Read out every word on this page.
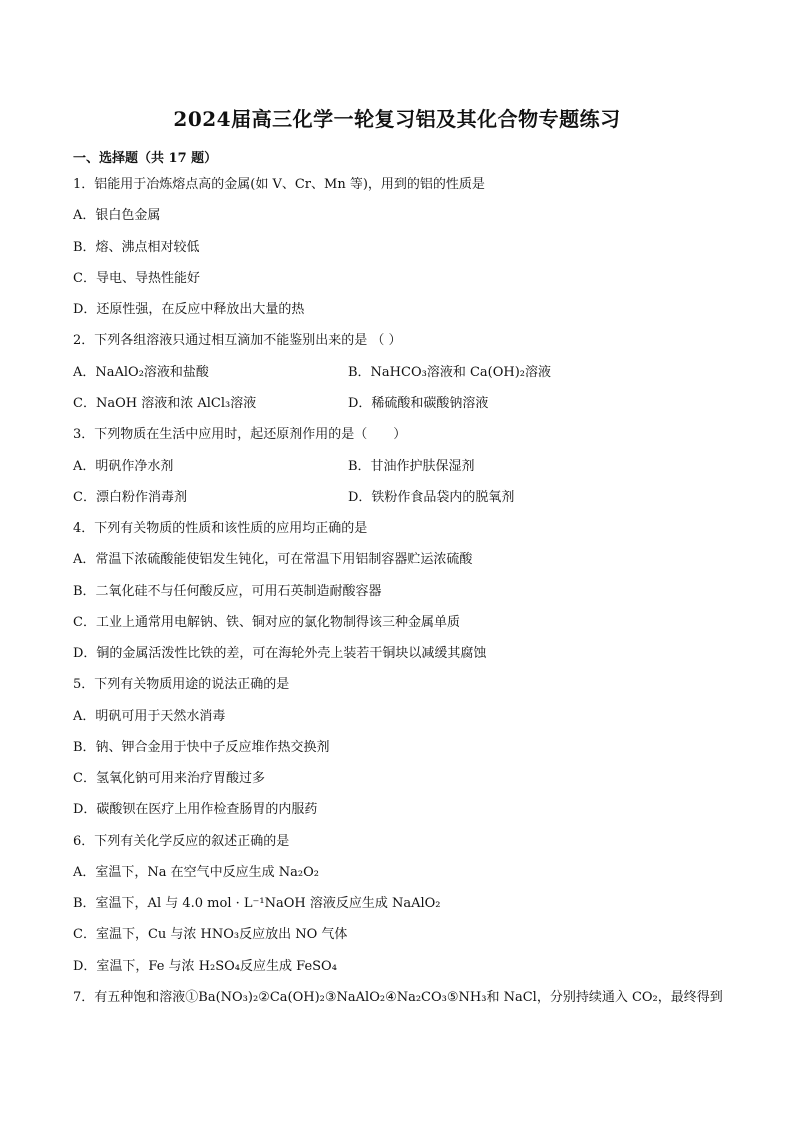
2024届高三化学一轮复习铝及其化合物专题练习
一、选择题（共 17 题）
1．铝能用于冶炼熔点高的金属(如 V、Cr、Mn 等)，用到的铝的性质是
A．银白色金属
B．熔、沸点相对较低
C．导电、导热性能好
D．还原性强，在反应中释放出大量的热
2．下列各组溶液只通过相互滴加不能鉴别出来的是 （ ）
A．NaAlO₂溶液和盐酸	B．NaHCO₃溶液和 Ca(OH)₂溶液
C．NaOH 溶液和浓 AlCl₃溶液	D．稀硫酸和碳酸钠溶液
3．下列物质在生活中应用时，起还原剂作用的是（　　）
A．明矾作净水剂	B．甘油作护肤保湿剂
C．漂白粉作消毒剂	D．铁粉作食品袋内的脱氧剂
4．下列有关物质的性质和该性质的应用均正确的是
A．常温下浓硫酸能使铝发生钝化，可在常温下用铝制容器贮运浓硫酸
B．二氧化硅不与任何酸反应，可用石英制造耐酸容器
C．工业上通常用电解钠、铁、铜对应的氯化物制得该三种金属单质
D．铜的金属活泼性比铁的差，可在海轮外壳上装若干铜块以减缓其腐蚀
5．下列有关物质用途的说法正确的是
A．明矾可用于天然水消毒
B．钠、钾合金用于快中子反应堆作热交换剂
C．氢氧化钠可用来治疗胃酸过多
D．碳酸钡在医疗上用作检查肠胃的内服药
6．下列有关化学反应的叙述正确的是
A．室温下，Na 在空气中反应生成 Na₂O₂
B．室温下，Al 与 4.0 mol · L⁻¹NaOH 溶液反应生成 NaAlO₂
C．室温下，Cu 与浓 HNO₃反应放出 NO 气体
D．室温下，Fe 与浓 H₂SO₄反应生成 FeSO₄
7．有五种饱和溶液①Ba(NO₃)₂②Ca(OH)₂③NaAlO₂④Na₂CO₃⑤NH₃和 NaCl，分别持续通入 CO₂，最终得到
